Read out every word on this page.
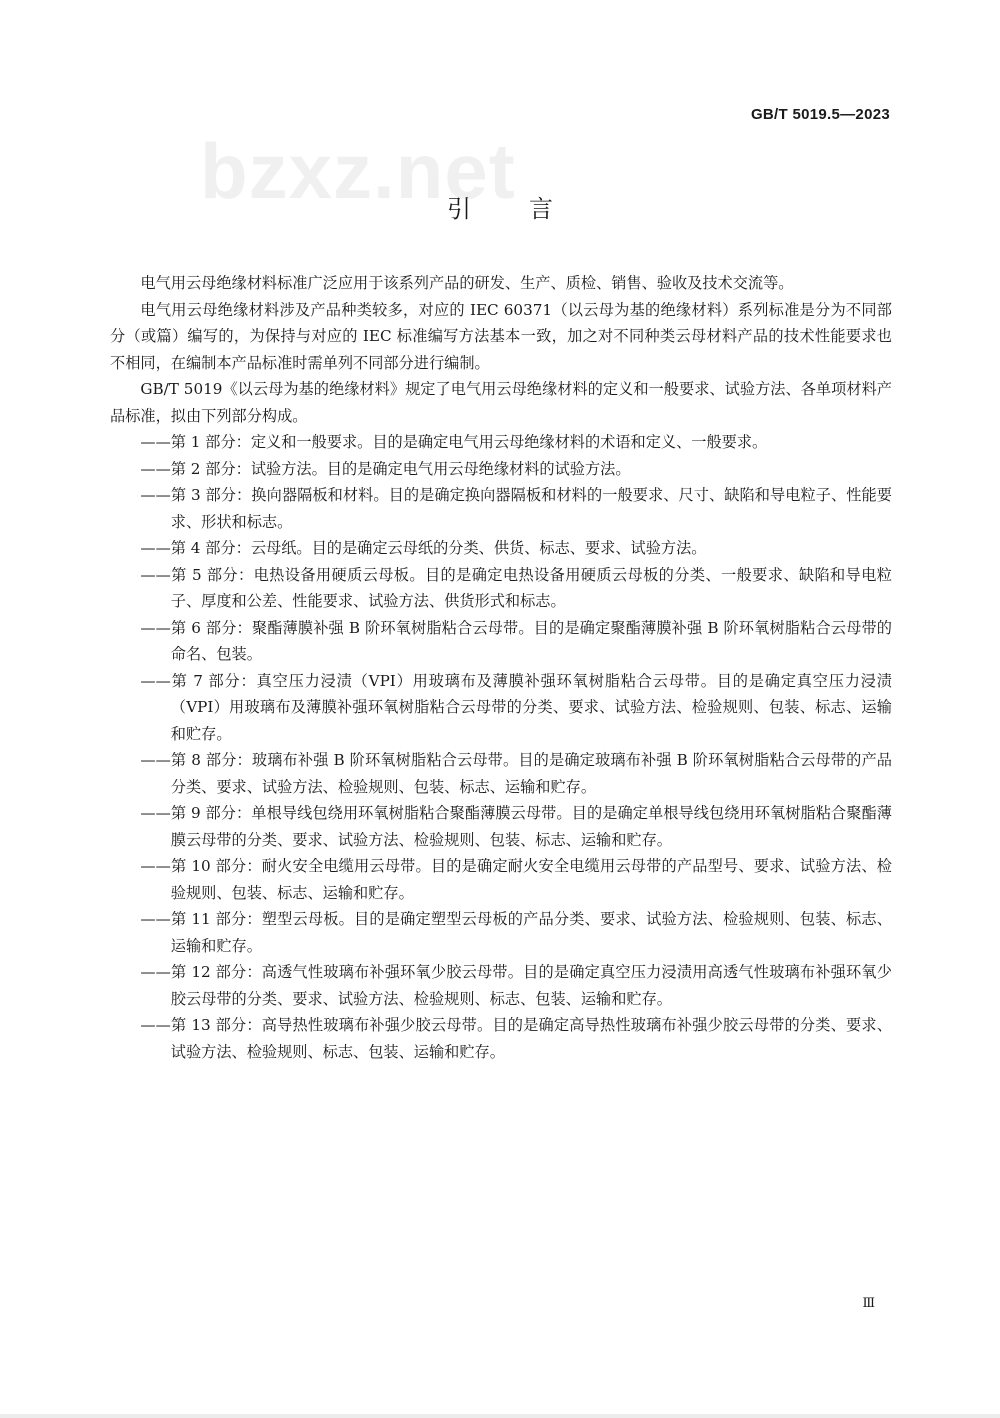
GB/T 5019.5—2023
bzxz.net
引言

电气用云母绝缘材料标准广泛应用于该系列产品的研发、生产、质检、销售、验收及技术交流等。

电气用云母绝缘材料涉及产品种类较多，对应的 IEC 60371（以云母为基的绝缘材料）系列标准是分为不同部分（或篇）编写的，为保持与对应的 IEC 标准编写方法基本一致，加之对不同种类云母材料产品的技术性能要求也不相同，在编制本产品标准时需单列不同部分进行编制。

GB/T 5019《以云母为基的绝缘材料》规定了电气用云母绝缘材料的定义和一般要求、试验方法、各单项材料产品标准，拟由下列部分构成。

——第 1 部分：定义和一般要求。目的是确定电气用云母绝缘材料的术语和定义、一般要求。

——第 2 部分：试验方法。目的是确定电气用云母绝缘材料的试验方法。

——第 3 部分：换向器隔板和材料。目的是确定换向器隔板和材料的一般要求、尺寸、缺陷和导电粒子、性能要求、形状和标志。

——第 4 部分：云母纸。目的是确定云母纸的分类、供货、标志、要求、试验方法。

——第 5 部分：电热设备用硬质云母板。目的是确定电热设备用硬质云母板的分类、一般要求、缺陷和导电粒子、厚度和公差、性能要求、试验方法、供货形式和标志。

——第 6 部分：聚酯薄膜补强 B 阶环氧树脂粘合云母带。目的是确定聚酯薄膜补强 B 阶环氧树脂粘合云母带的命名、包装。

——第 7 部分：真空压力浸渍（VPI）用玻璃布及薄膜补强环氧树脂粘合云母带。目的是确定真空压力浸渍（VPI）用玻璃布及薄膜补强环氧树脂粘合云母带的分类、要求、试验方法、检验规则、包装、标志、运输和贮存。

——第 8 部分：玻璃布补强 B 阶环氧树脂粘合云母带。目的是确定玻璃布补强 B 阶环氧树脂粘合云母带的产品分类、要求、试验方法、检验规则、包装、标志、运输和贮存。

——第 9 部分：单根导线包绕用环氧树脂粘合聚酯薄膜云母带。目的是确定单根导线包绕用环氧树脂粘合聚酯薄膜云母带的分类、要求、试验方法、检验规则、包装、标志、运输和贮存。

——第 10 部分：耐火安全电缆用云母带。目的是确定耐火安全电缆用云母带的产品型号、要求、试验方法、检验规则、包装、标志、运输和贮存。

——第 11 部分：塑型云母板。目的是确定塑型云母板的产品分类、要求、试验方法、检验规则、包装、标志、运输和贮存。

——第 12 部分：高透气性玻璃布补强环氧少胶云母带。目的是确定真空压力浸渍用高透气性玻璃布补强环氧少胶云母带的分类、要求、试验方法、检验规则、标志、包装、运输和贮存。

——第 13 部分：高导热性玻璃布补强少胶云母带。目的是确定高导热性玻璃布补强少胶云母带的分类、要求、试验方法、检验规则、标志、包装、运输和贮存。

Ⅲ
